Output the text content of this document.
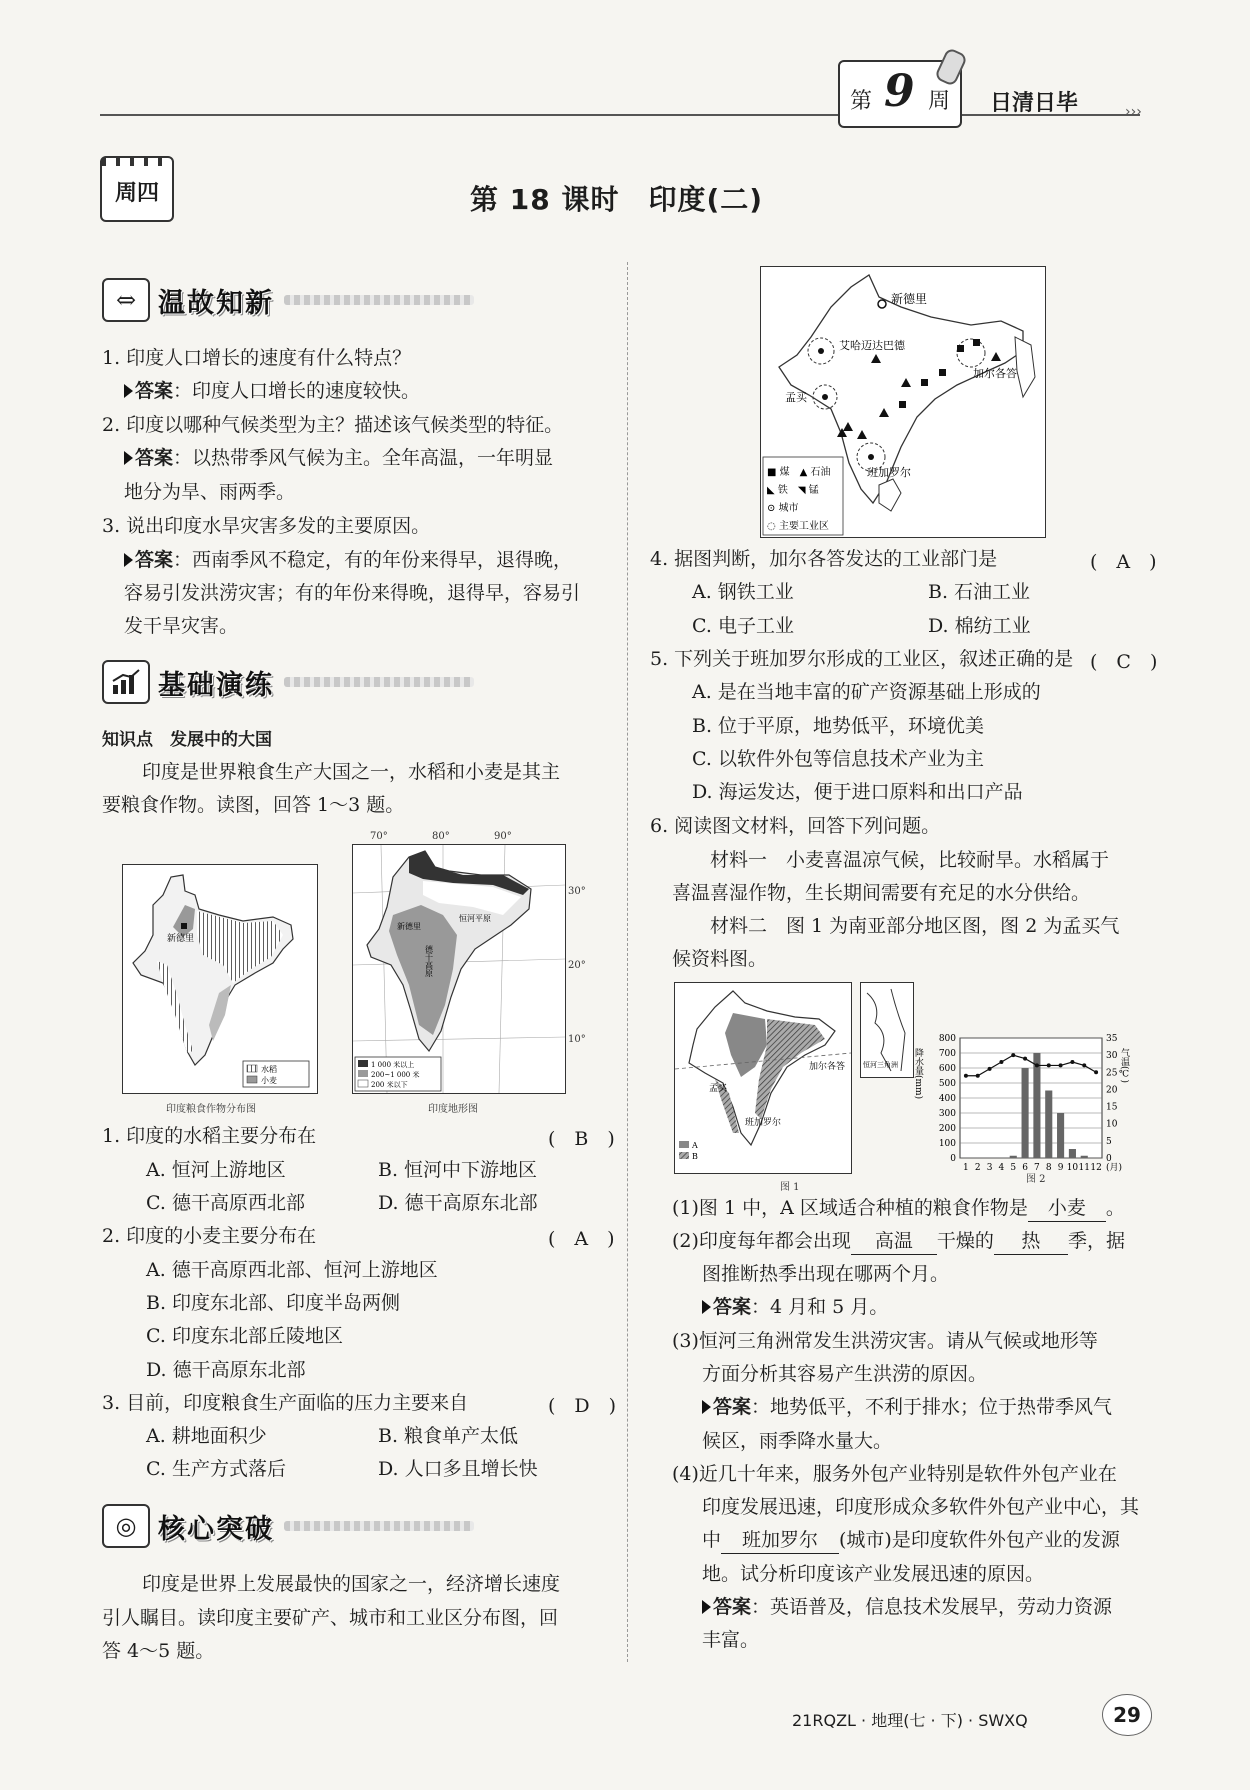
第 9 周 日清日毕	›››
周四	第 18 课时　印度(二)
⇔ 温故知新
1. 印度人口增长的速度有什么特点？
答案：印度人口增长的速度较快。
2. 印度以哪种气候类型为主？描述该气候类型的特征。
答案：以热带季风气候为主。全年高温，一年明显
地分为旱、雨两季。
3. 说出印度水旱灾害多发的主要原因。
答案：西南季风不稳定，有的年份来得早，退得晚，
容易引发洪涝灾害；有的年份来得晚，退得早，容易引
发干旱灾害。
基础演练
知识点　发展中的大国
印度是世界粮食生产大国之一，水稻和小麦是其主
要粮食作物。读图，回答 1～3 题。
新德里
水稻
小麦
印度粮食作物分布图
新德里
恒河平原
德干高原
1 000 米以上
200~1 000 米
200 米以下
70°	80°	90°
30°
20°
10°
印度地形图
1. 印度的水稻主要分布在	(　B　)
A. 恒河上游地区	B. 恒河中下游地区
C. 德干高原西北部	D. 德干高原东北部
2. 印度的小麦主要分布在	(　A　)
A. 德干高原西北部、恒河上游地区
B. 印度东北部、印度半岛两侧
C. 印度东北部丘陵地区
D. 德干高原东北部
3. 目前，印度粮食生产面临的压力主要来自	(　D　)
A. 耕地面积少	B. 粮食单产太低
C. 生产方式落后	D. 人口多且增长快
◎ 核心突破
印度是世界上发展最快的国家之一，经济增长速度
引人瞩目。读印度主要矿产、城市和工业区分布图，回
答 4～5 题。
新德里
艾哈迈达巴德
加尔各答
孟买
班加罗尔
■ 煤　▲ 石油
◣ 铁　◥ 锰
⊙ 城市
◌ 主要工业区
4. 据图判断，加尔各答发达的工业部门是	(　A　)
A. 钢铁工业	B. 石油工业
C. 电子工业	D. 棉纺工业
5. 下列关于班加罗尔形成的工业区，叙述正确的是 (　C　)
A. 是在当地丰富的矿产资源基础上形成的
B. 位于平原，地势低平，环境优美
C. 以软件外包等信息技术产业为主
D. 海运发达，便于进口原料和出口产品
6. 阅读图文材料，回答下列问题。
材料一　小麦喜温凉气候，比较耐旱。水稻属于
喜温喜湿作物，生长期间需要有充足的水分供给。
材料二　图 1 为南亚部分地区图，图 2 为孟买气
候资料图。
孟买
加尔各答
班加罗尔
A
B
恒河三角洲
图 1
0
100
200
300
400
500
600
700
800
0
5
10
15
20
25
30
35
1 2 3 4 5 6 7 8 9 10 11 12 (月)
降水量(mm)	气温(℃)
图 2
(1)图 1 中，A 区域适合种植的粮食作物是 小麦 。
(2)印度每年都会出现 高温 干燥的 热 季，据
图推断热季出现在哪两个月。
答案：4 月和 5 月。
(3)恒河三角洲常发生洪涝灾害。请从气候或地形等
方面分析其容易产生洪涝的原因。
答案：地势低平，不利于排水；位于热带季风气
候区，雨季降水量大。
(4)近几十年来，服务外包产业特别是软件外包产业在
印度发展迅速，印度形成众多软件外包产业中心，其
中 班加罗尔 (城市)是印度软件外包产业的发源
地。试分析印度该产业发展迅速的原因。
答案：英语普及，信息技术发展早，劳动力资源
丰富。
21RQZL · 地理(七 · 下) · SWXQ	29
